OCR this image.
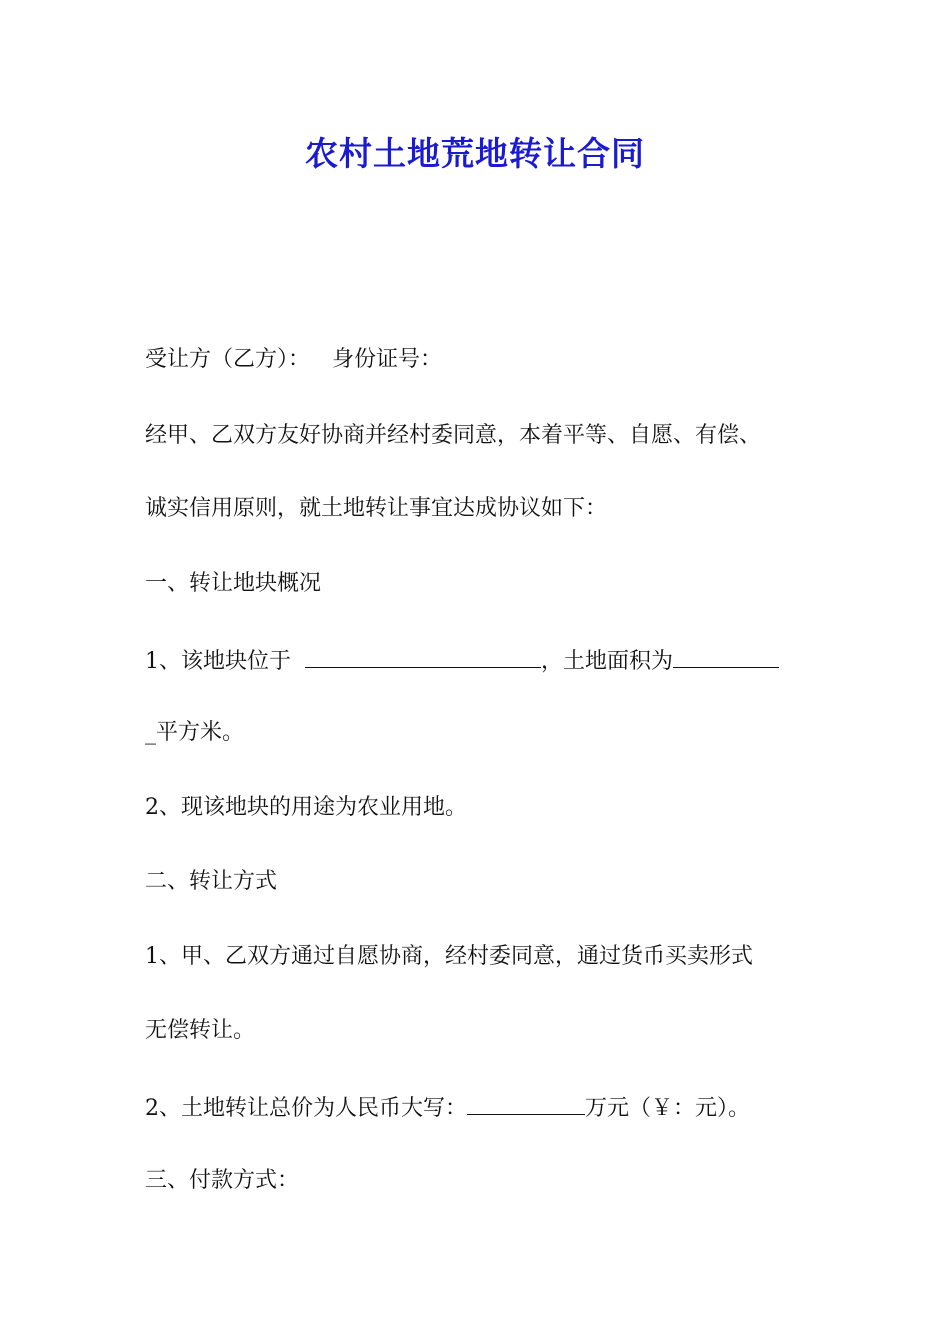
农村土地荒地转让合同
受让方（乙方）： 身份证号：
经甲、乙双方友好协商并经村委同意，本着平等、自愿、有偿、
诚实信用原则，就土地转让事宜达成协议如下：
一、转让地块概况
1、该地块位于	，土地面积为
_平方米。
2、现该地块的用途为农业用地。
二、转让方式
1、甲、乙双方通过自愿协商，经村委同意，通过货币买卖形式
无偿转让。
2、土地转让总价为人民币大写：	万元（￥：元）。
三、付款方式：
